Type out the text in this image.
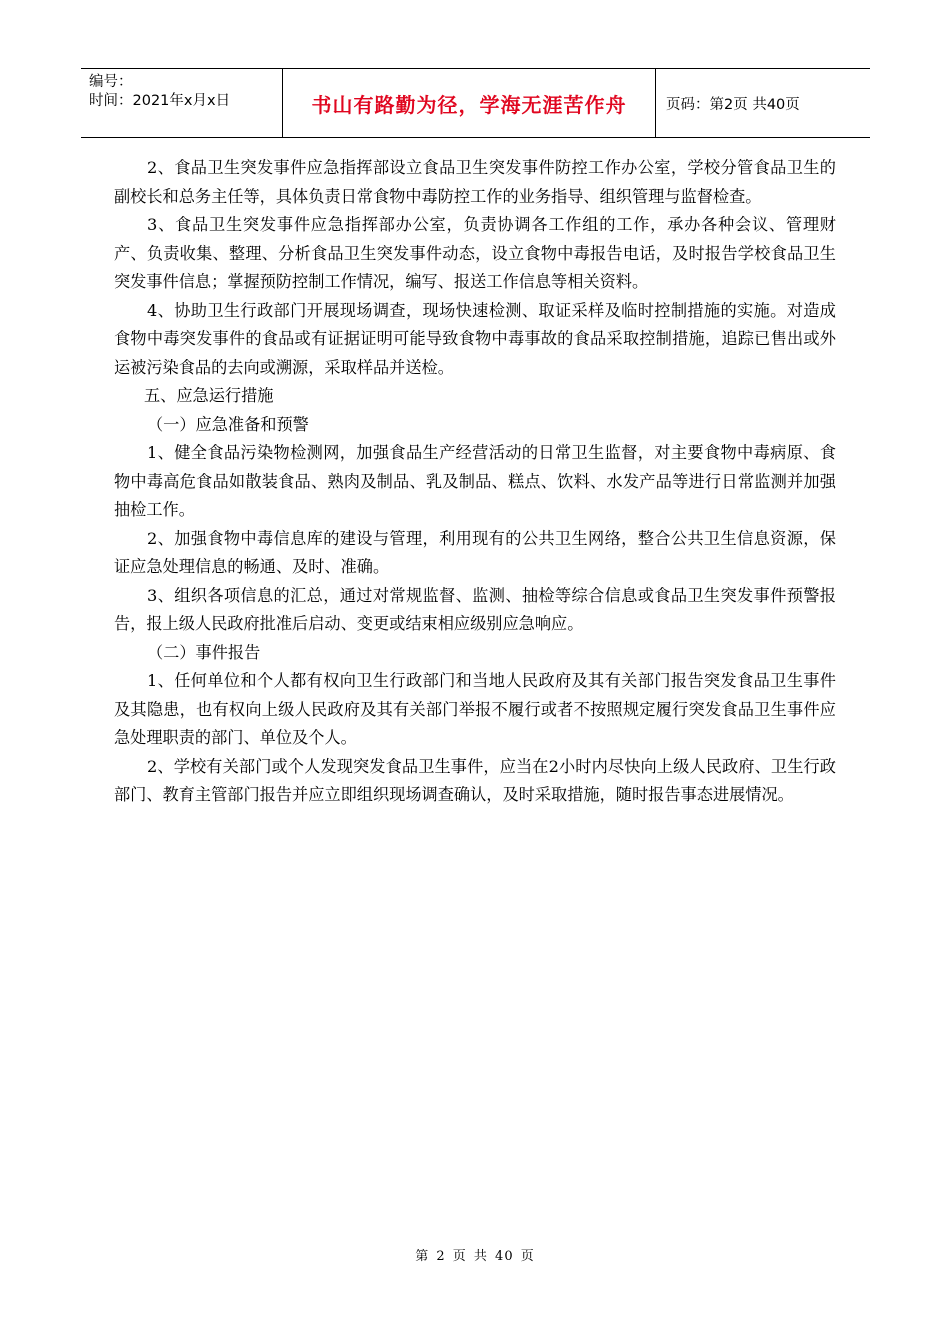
编号：
时间：2021年x月x日	书山有路勤为径，学海无涯苦作舟	页码：第2页 共40页

2、食品卫生突发事件应急指挥部设立食品卫生突发事件防控工作办公室，学校分管食品卫生的副校长和总务主任等，具体负责日常食物中毒防控工作的业务指导、组织管理与监督检查。

3、食品卫生突发事件应急指挥部办公室，负责协调各工作组的工作，承办各种会议、管理财产、负责收集、整理、分析食品卫生突发事件动态，设立食物中毒报告电话，及时报告学校食品卫生突发事件信息；掌握预防控制工作情况，编写、报送工作信息等相关资料。

4、协助卫生行政部门开展现场调查，现场快速检测、取证采样及临时控制措施的实施。对造成食物中毒突发事件的食品或有证据证明可能导致食物中毒事故的食品采取控制措施，追踪已售出或外运被污染食品的去向或溯源，采取样品并送检。

五、应急运行措施

（一）应急准备和预警

1、健全食品污染物检测网，加强食品生产经营活动的日常卫生监督，对主要食物中毒病原、食物中毒高危食品如散装食品、熟肉及制品、乳及制品、糕点、饮料、水发产品等进行日常监测并加强抽检工作。

2、加强食物中毒信息库的建设与管理，利用现有的公共卫生网络，整合公共卫生信息资源，保证应急处理信息的畅通、及时、准确。

3、组织各项信息的汇总，通过对常规监督、监测、抽检等综合信息或食品卫生突发事件预警报告，报上级人民政府批准后启动、变更或结束相应级别应急响应。

（二）事件报告

1、任何单位和个人都有权向卫生行政部门和当地人民政府及其有关部门报告突发食品卫生事件及其隐患，也有权向上级人民政府及其有关部门举报不履行或者不按照规定履行突发食品卫生事件应急处理职责的部门、单位及个人。

2、学校有关部门或个人发现突发食品卫生事件，应当在2小时内尽快向上级人民政府、卫生行政部门、教育主管部门报告并应立即组织现场调查确认，及时采取措施，随时报告事态进展情况。

第 2 页 共 40 页
